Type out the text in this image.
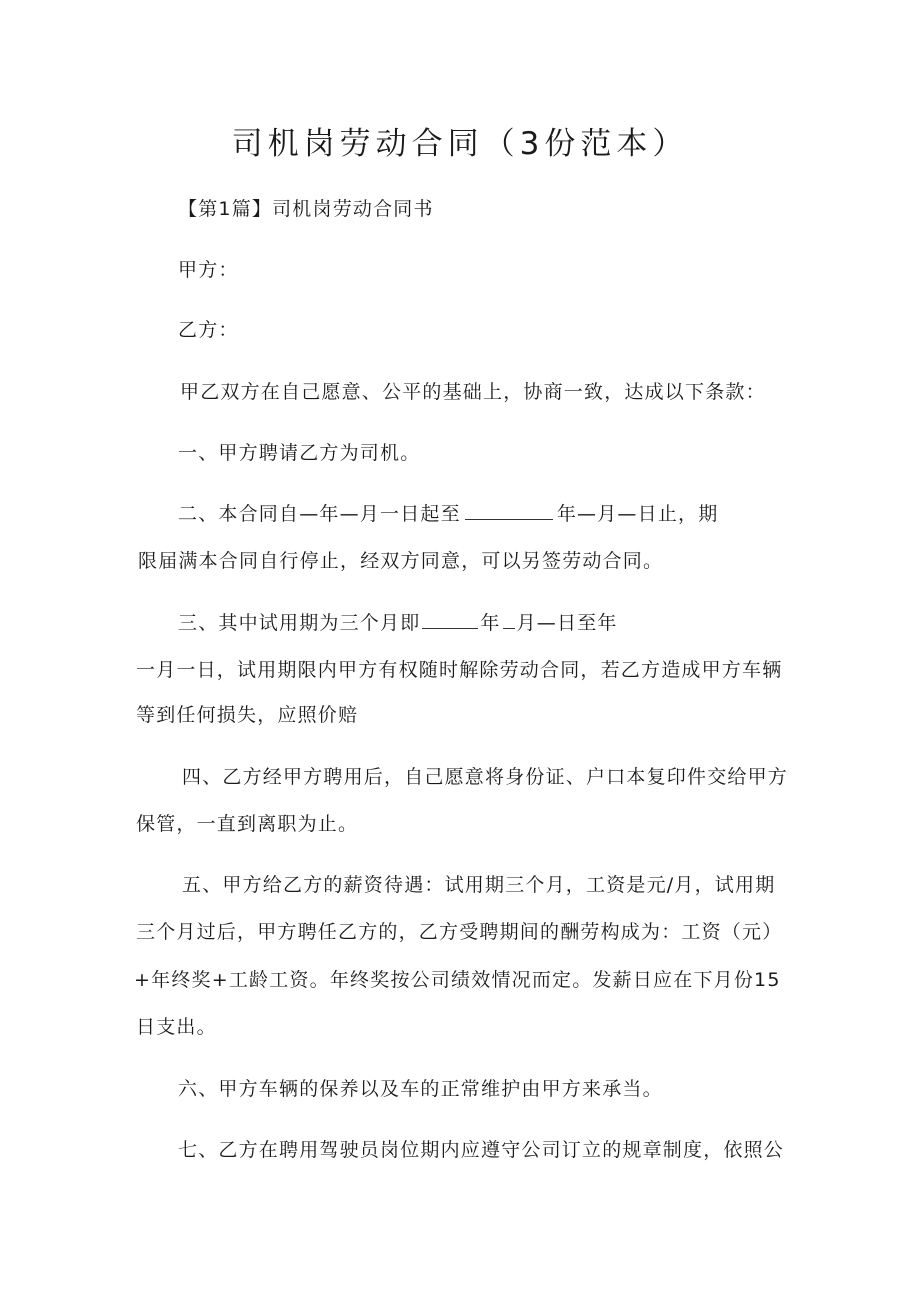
司机岗劳动合同（3份范本）
【第1篇】司机岗劳动合同书
甲方：
乙方：
甲乙双方在自己愿意、公平的基础上，协商一致，达成以下条款：
一、甲方聘请乙方为司机。
二、本合同自—年—月一日起至	年—月—日止，期
限届满本合同自行停止，经双方同意，可以另签劳动合同。
三、其中试用期为三个月即	年 月—日至年
一月一日，试用期限内甲方有权随时解除劳动合同，若乙方造成甲方车辆
等到任何损失，应照价赔
四、乙方经甲方聘用后，自己愿意将身份证、户口本复印件交给甲方
保管，一直到离职为止。
五、甲方给乙方的薪资待遇：试用期三个月，工资是元/月，试用期
三个月过后，甲方聘任乙方的，乙方受聘期间的酬劳构成为：工资（元）
+年终奖+工龄工资。年终奖按公司绩效情况而定。发薪日应在下月份15
日支出。
六、甲方车辆的保养以及车的正常维护由甲方来承当。
七、乙方在聘用驾驶员岗位期内应遵守公司订立的规章制度，依照公
